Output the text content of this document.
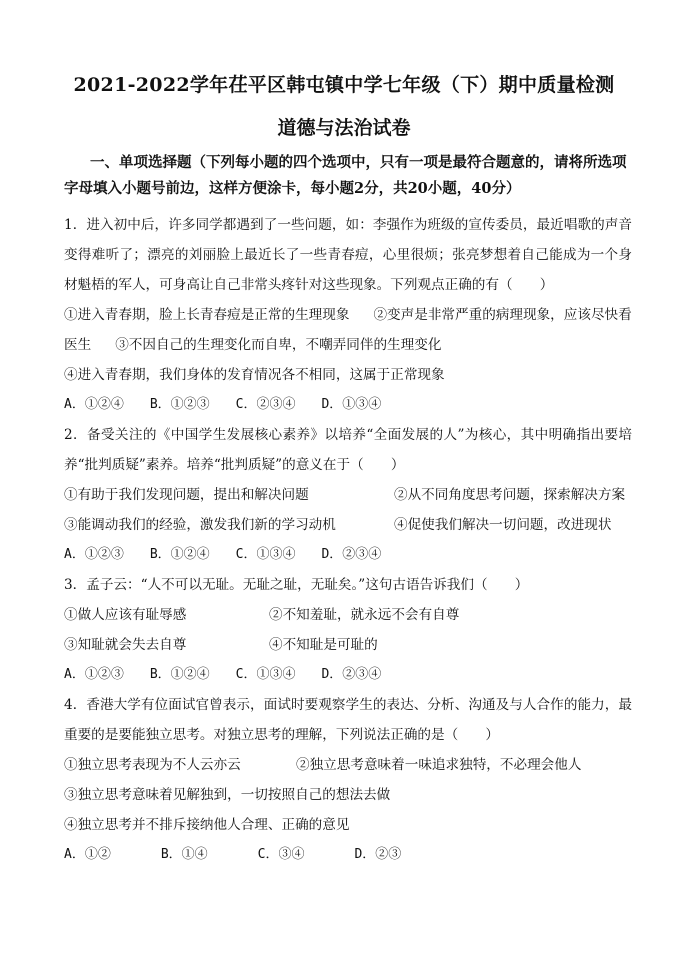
2021-2022学年茌平区韩屯镇中学七年级（下）期中质量检测
道德与法治试卷

一、单项选择题（下列每小题的四个选项中，只有一项是最符合题意的，请将所选项字母填入小题号前边，这样方便涂卡，每小题2分，共20小题，40分）

1．进入初中后，许多同学都遇到了一些问题，如：李强作为班级的宣传委员，最近唱歌的声音变得难听了；漂亮的刘丽脸上最近长了一些青春痘，心里很烦；张亮梦想着自己能成为一个身材魁梧的军人，可身高让自己非常头疼针对这些现象。下列观点正确的有（　　）

①进入青春期，脸上长青春痘是正常的生理现象 ②变声是非常严重的病理现象，应该尽快看医生 ③不因自己的生理变化而自卑，不嘲弄同伴的生理变化

④进入青春期，我们身体的发育情况各不相同，这属于正常现象

A．①②④ B．①②③ C．②③④ D．①③④

2．备受关注的《中国学生发展核心素养》以培养“全面发展的人”为核心，其中明确指出要培养“批判质疑”素养。培养“批判质疑”的意义在于（　　）

①有助于我们发现问题，提出和解决问题	②从不同角度思考问题，探索解决方案
③能调动我们的经验，激发我们新的学习动机	④促使我们解决一切问题，改进现状
A．①②③ B．①②④ C．①③④ D．②③④

3．孟子云：“人不可以无耻。无耻之耻，无耻矣。”这句古语告诉我们（　　）

①做人应该有耻辱感	②不知羞耻，就永远不会有自尊
③知耻就会失去自尊	④不知耻是可耻的
A．①②③ B．①②④ C．①③④ D．②③④

4．香港大学有位面试官曾表示，面试时要观察学生的表达、分析、沟通及与人合作的能力，最重要的是要能独立思考。对独立思考的理解，下列说法正确的是（　　）

①独立思考表现为不人云亦云	②独立思考意味着一味追求独特，不必理会他人

③独立思考意味着见解独到，一切按照自己的想法去做

④独立思考并不排斥接纳他人合理、正确的意见

A．①②	B．①④	C．③④	D．②③
